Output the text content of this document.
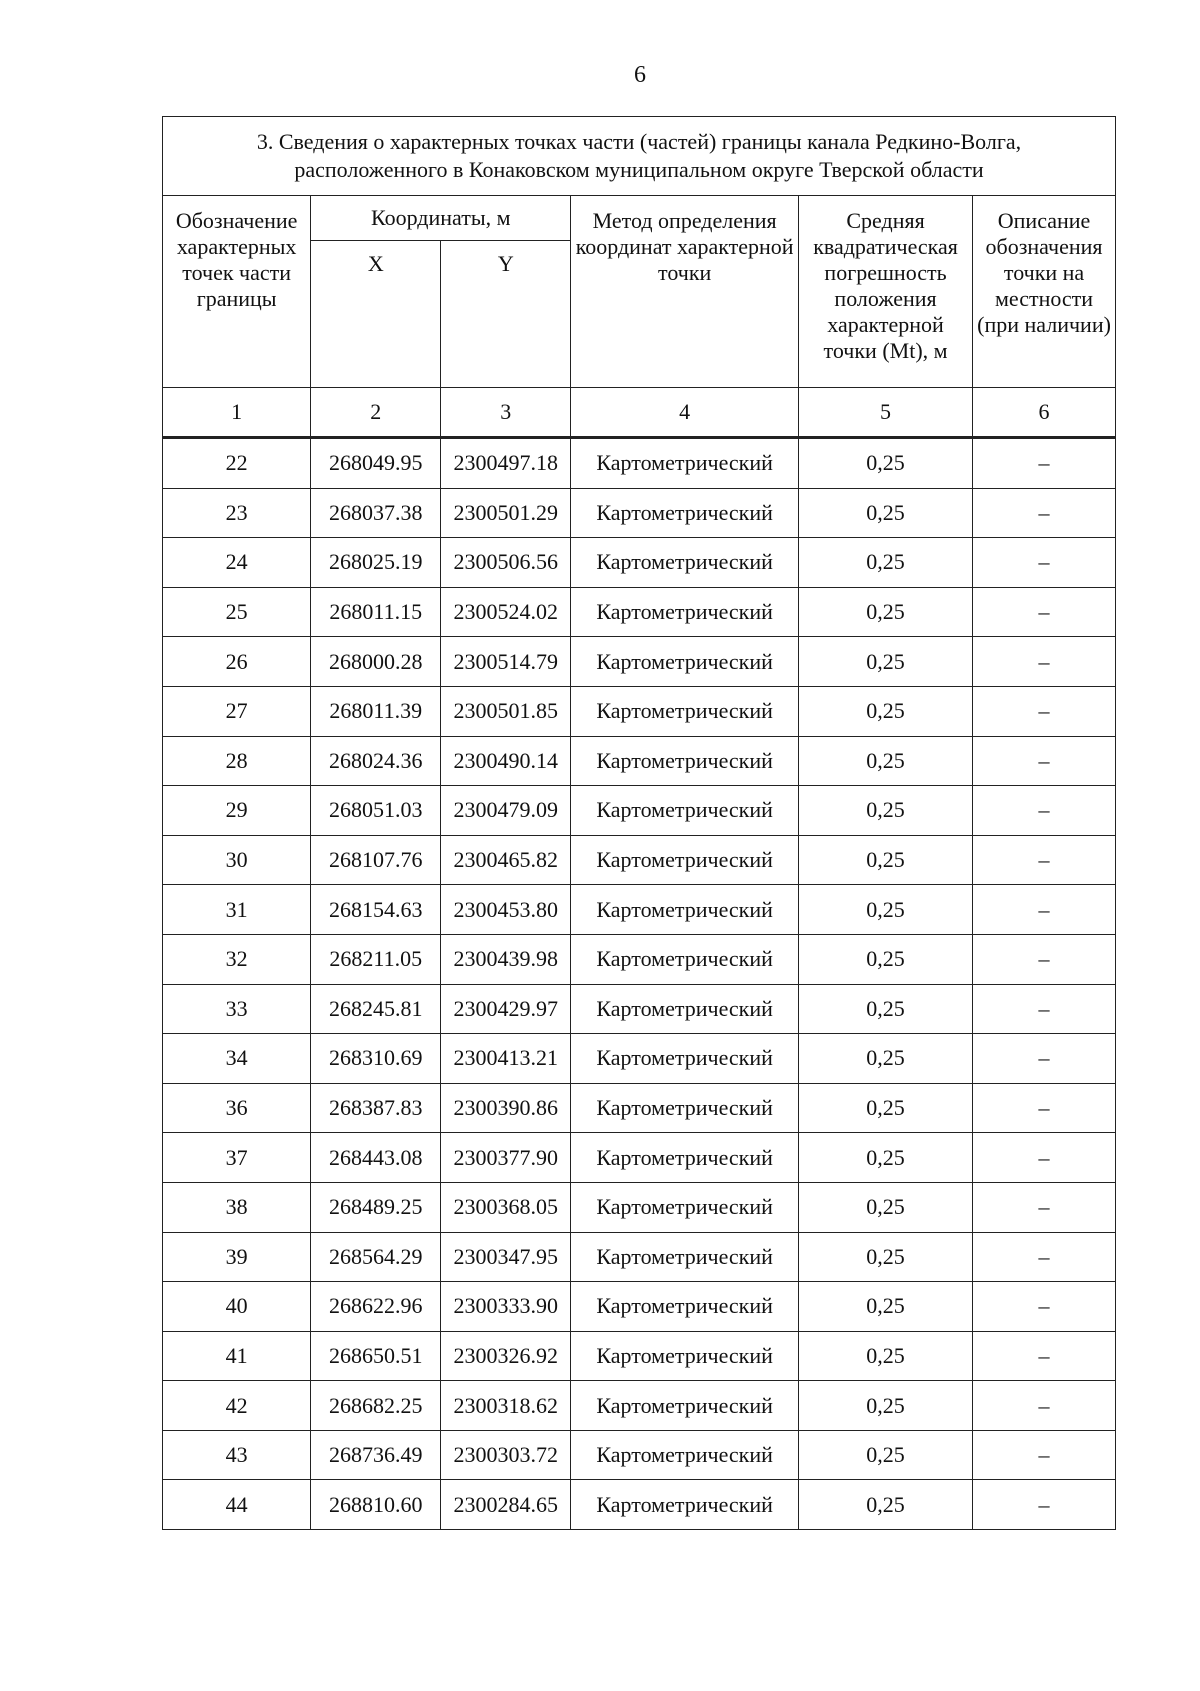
6
3. Сведения о характерных точках части (частей) границы канала Редкино-Волга,
расположенного в Конаковском муниципальном округе Тверской области					
Обозначение характерных точек части границы	Координаты, м		Метод определения координат характерной точки	Средняя квадратическая погрешность положения характерной точки (Mt), м	Описание обозначения точки на местности (при наличии)
	X	Y			
1	2	3	4	5	6
22	268049.95	2300497.18	Картометрический	0,25	–
23	268037.38	2300501.29	Картометрический	0,25	–
24	268025.19	2300506.56	Картометрический	0,25	–
25	268011.15	2300524.02	Картометрический	0,25	–
26	268000.28	2300514.79	Картометрический	0,25	–
27	268011.39	2300501.85	Картометрический	0,25	–
28	268024.36	2300490.14	Картометрический	0,25	–
29	268051.03	2300479.09	Картометрический	0,25	–
30	268107.76	2300465.82	Картометрический	0,25	–
31	268154.63	2300453.80	Картометрический	0,25	–
32	268211.05	2300439.98	Картометрический	0,25	–
33	268245.81	2300429.97	Картометрический	0,25	–
34	268310.69	2300413.21	Картометрический	0,25	–
36	268387.83	2300390.86	Картометрический	0,25	–
37	268443.08	2300377.90	Картометрический	0,25	–
38	268489.25	2300368.05	Картометрический	0,25	–
39	268564.29	2300347.95	Картометрический	0,25	–
40	268622.96	2300333.90	Картометрический	0,25	–
41	268650.51	2300326.92	Картометрический	0,25	–
42	268682.25	2300318.62	Картометрический	0,25	–
43	268736.49	2300303.72	Картометрический	0,25	–
44	268810.60	2300284.65	Картометрический	0,25	–
